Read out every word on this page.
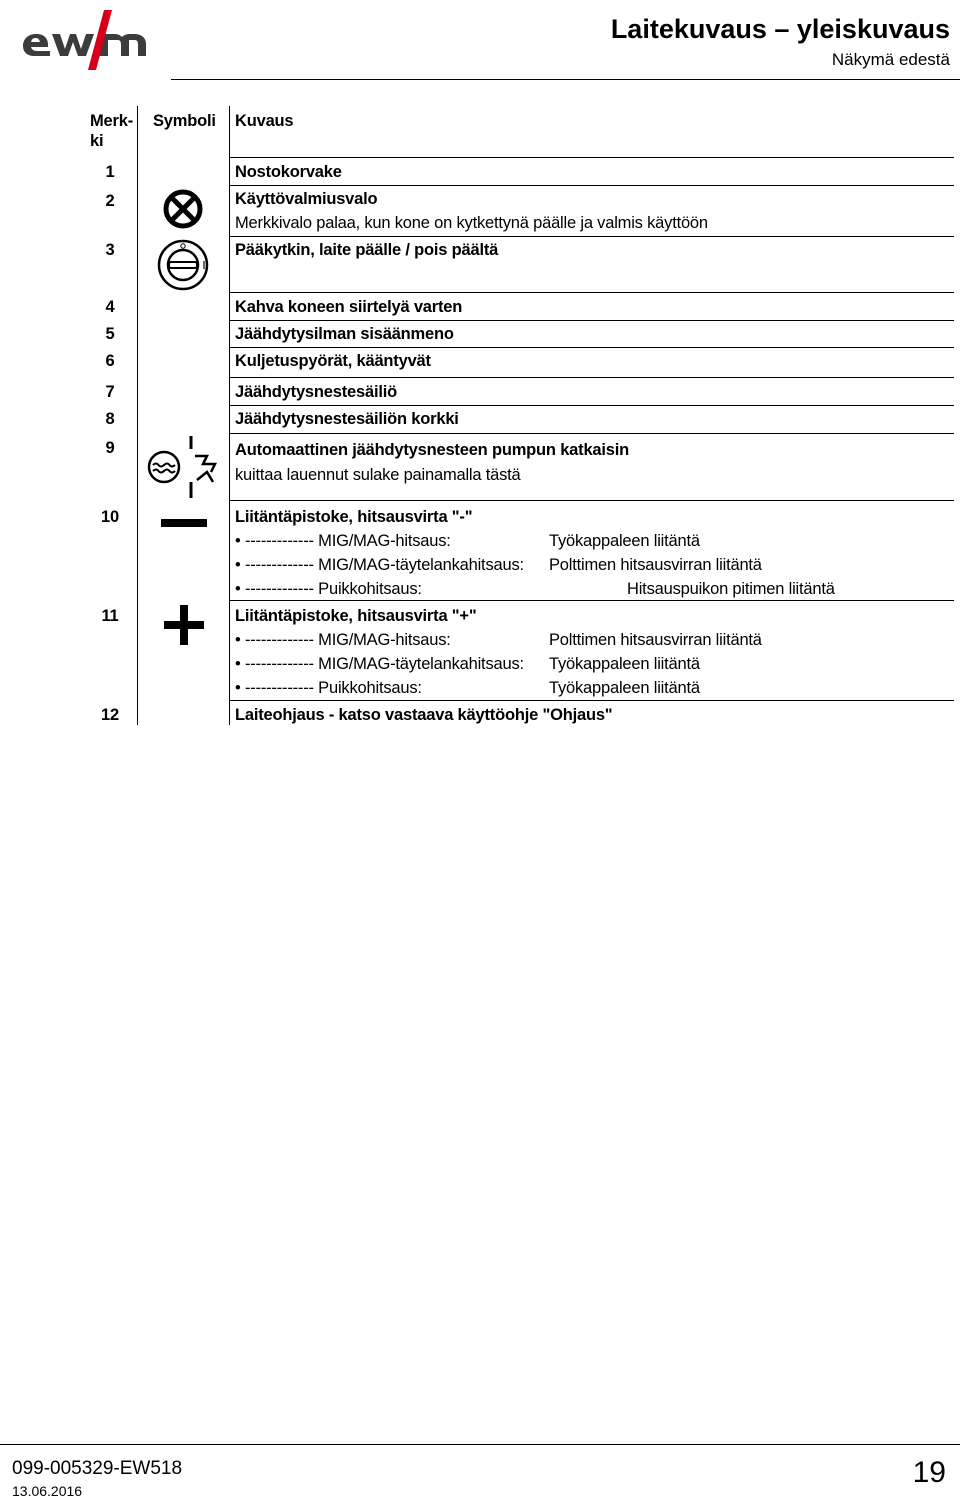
Laitekuvaus – yleiskuvaus
Näkymä edestä
Merk-
ki
Symboli Kuvaus
1	Nostokorvake
2	Käyttövalmiusvalo
Merkkivalo palaa, kun kone on kytkettynä päälle ja valmis käyttöön
3	Pääkytkin, laite päälle / pois päältä
4	Kahva koneen siirtelyä varten
5	Jäähdytysilman sisäänmeno
6	Kuljetuspyörät, kääntyvät
7	Jäähdytysnestesäiliö
8	Jäähdytysnestesäiliön korkki
9	Automaattinen jäähdytysnesteen pumpun katkaisin
kuittaa lauennut sulake painamalla tästä
10	Liitäntäpistoke, hitsausvirta "-"
• ------------- MIG/MAG-hitsaus:	Työkappaleen liitäntä
• ------------- MIG/MAG-täytelankahitsaus: Polttimen hitsausvirran liitäntä
• ------------- Puikkohitsaus:	Hitsauspuikon pitimen liitäntä
11	Liitäntäpistoke, hitsausvirta "+"
• ------------- MIG/MAG-hitsaus:	Polttimen hitsausvirran liitäntä
• ------------- MIG/MAG-täytelankahitsaus: Työkappaleen liitäntä
• ------------- Puikkohitsaus:	Työkappaleen liitäntä
12	Laiteohjaus - katso vastaava käyttöohje "Ohjaus"
099-005329-EW518
13.06.2016
19
